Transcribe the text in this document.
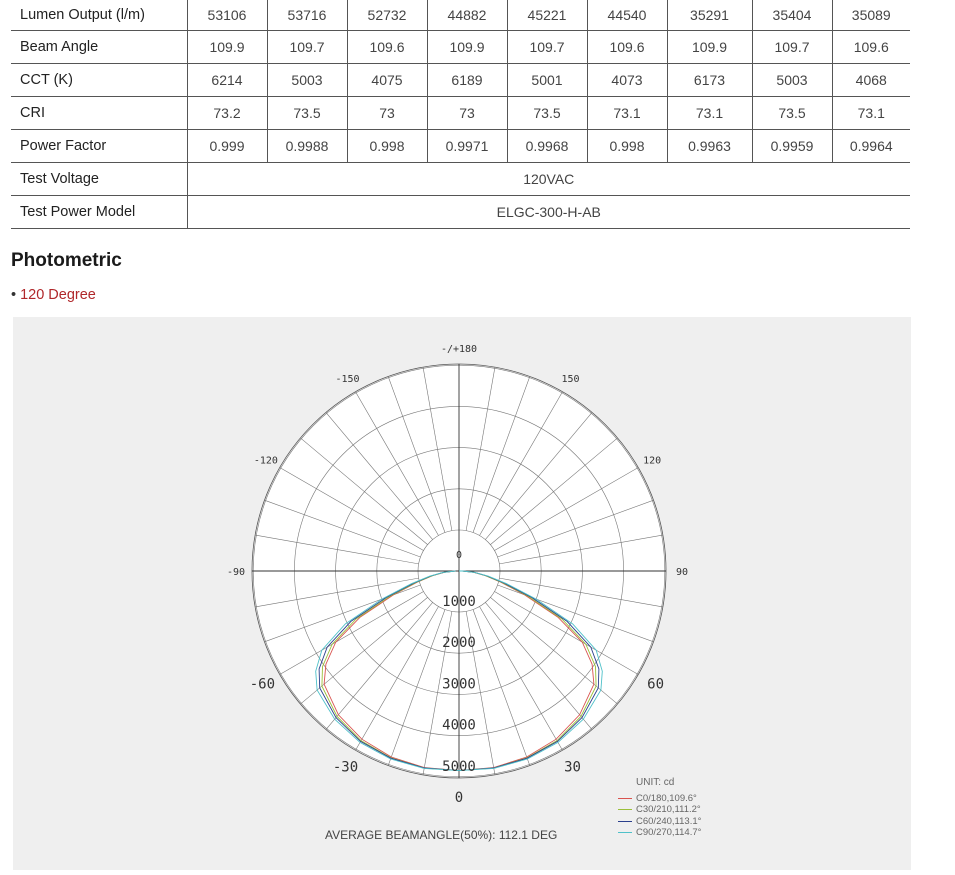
Lumen Output (l/m)	53106	53716	52732	44882	45221	44540	35291	35404	35089
Beam Angle	109.9	109.7	109.6	109.9	109.7	109.6	109.9	109.7	109.6
CCT (K)	6214	5003	4075	6189	5001	4073	6173	5003	4068
CRI	73.2	73.5	73	73	73.5	73.1	73.1	73.5	73.1
Power Factor	0.999	0.9988	0.998	0.9971	0.9968	0.998	0.9963	0.9959	0.9964
Test Voltage	120VAC								
Test Power Model	ELGC-300-H-AB								
Photometric
• 120 Degree
0
1000
2000
3000
4000
5000
-/+180
150
-150
120
-120
90
-90
60
-60
30
-30
0
AVERAGE BEAMANGLE(50%): 112.1 DEG
UNIT: cd
C0/180,109.6°
C30/210,111.2°
C60/240,113.1°
C90/270,114.7°
